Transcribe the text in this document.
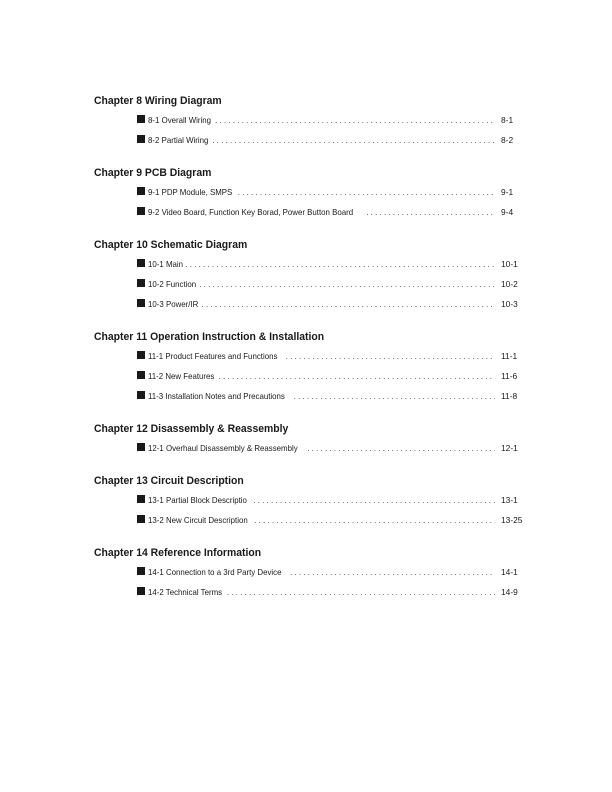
Chapter 8 Wiring Diagram
8-1 Overall Wiring . . .	8-1
8-2 Partial Wiring . . .	8-2
Chapter 9 PCB Diagram
9-1 PDP Module, SMPS . . .	9-1
9-2 Video Board, Function Key Borad, Power Button Board . . .	9-4
Chapter 10 Schematic Diagram
10-1 Main . . .	10-1
10-2 Function . . .	10-2
10-3 Power/IR . . .	10-3
Chapter 11 Operation Instruction & Installation
11-1 Product Features and Functions . . .	11-1
11-2 New Features . . .	11-6
11-3 Installation Notes and Precautions . . .	11-8
Chapter 12 Disassembly & Reassembly
12-1 Overhaul Disassembly & Reassembly . . .	12-1
Chapter 13 Circuit Description
13-1 Partial Block Descriptio . . .	13-1
13-2 New Circuit Description . . .	13-25
Chapter 14 Reference Information
14-1 Connection to a 3rd Party Device . . .	14-1
14-2 Technical Terms . . .	14-9
